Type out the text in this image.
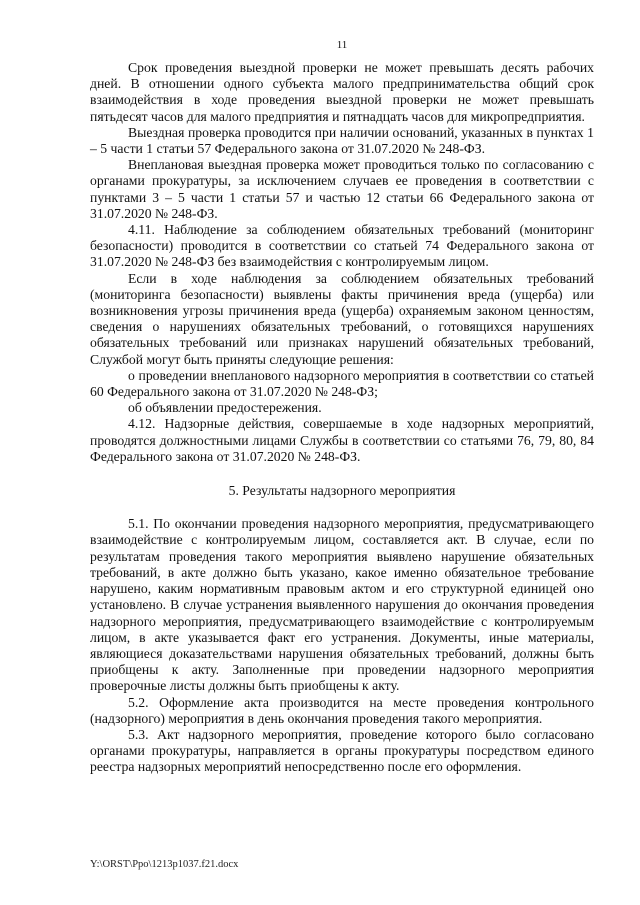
11

Срок проведения выездной проверки не может превышать десять рабочих дней. В отношении одного субъекта малого предпринимательства общий срок взаимодействия в ходе проведения выездной проверки не может превышать пятьдесят часов для малого предприятия и пятнадцать часов для микропредприятия.

Выездная проверка проводится при наличии оснований, указанных в пунктах 1 – 5 части 1 статьи 57 Федерального закона от 31.07.2020 № 248-ФЗ.

Внеплановая выездная проверка может проводиться только по согласованию с органами прокуратуры, за исключением случаев ее проведения в соответствии с пунктами 3 – 5 части 1 статьи 57 и частью 12 статьи 66 Федерального закона от 31.07.2020 № 248-ФЗ.

4.11. Наблюдение за соблюдением обязательных требований (мониторинг безопасности) проводится в соответствии со статьей 74 Федерального закона от 31.07.2020 № 248-ФЗ без взаимодействия с контролируемым лицом.

Если в ходе наблюдения за соблюдением обязательных требований (мониторинга безопасности) выявлены факты причинения вреда (ущерба) или возникновения угрозы причинения вреда (ущерба) охраняемым законом ценностям, сведения о нарушениях обязательных требований, о готовящихся нарушениях обязательных требований или признаках нарушений обязательных требований, Службой могут быть приняты следующие решения:

о проведении внепланового надзорного мероприятия в соответствии со статьей 60 Федерального закона от 31.07.2020 № 248-ФЗ;

об объявлении предостережения.

4.12. Надзорные действия, совершаемые в ходе надзорных мероприятий, проводятся должностными лицами Службы в соответствии со статьями 76, 79, 80, 84 Федерального закона от 31.07.2020 № 248-ФЗ.

5. Результаты надзорного мероприятия

5.1. По окончании проведения надзорного мероприятия, предусматривающего взаимодействие с контролируемым лицом, составляется акт. В случае, если по результатам проведения такого мероприятия выявлено нарушение обязательных требований, в акте должно быть указано, какое именно обязательное требование нарушено, каким нормативным правовым актом и его структурной единицей оно установлено. В случае устранения выявленного нарушения до окончания проведения надзорного мероприятия, предусматривающего взаимодействие с контролируемым лицом, в акте указывается факт его устранения. Документы, иные материалы, являющиеся доказательствами нарушения обязательных требований, должны быть приобщены к акту. Заполненные при проведении надзорного мероприятия проверочные листы должны быть приобщены к акту.

5.2. Оформление акта производится на месте проведения контрольного (надзорного) мероприятия в день окончания проведения такого мероприятия.

5.3. Акт надзорного мероприятия, проведение которого было согласовано органами прокуратуры, направляется в органы прокуратуры посредством единого реестра надзорных мероприятий непосредственно после его оформления.

Y:\ORST\Ppo\1213p1037.f21.docx
